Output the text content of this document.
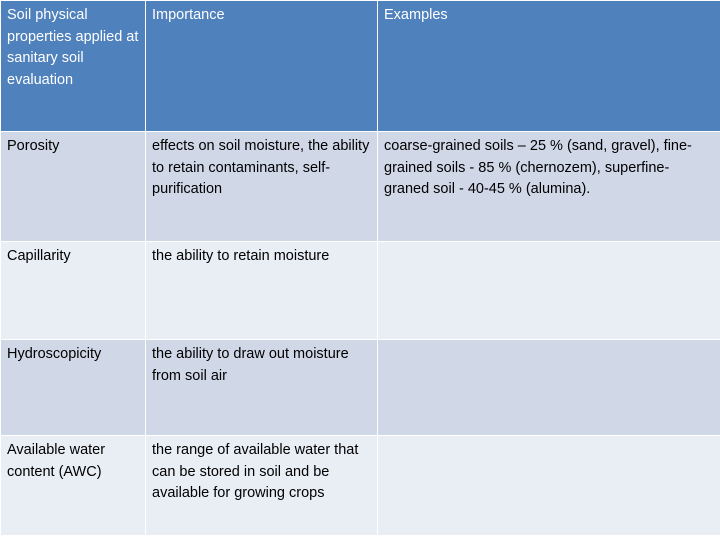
Soil physical properties applied at sanitary soil evaluation	Importance	Examples
Porosity	effects on soil moisture, the ability to retain contaminants, self-purification	coarse-grained soils – 25 % (sand, gravel), fine-grained soils - 85 % (chernozem), superfine-graned soil - 40-45 % (alumina).
Capillarity	the ability to retain moisture	
Hydroscopicity	the ability to draw out moisture from soil air	
Available water content (AWC)	the range of available water that can be stored in soil and be available for growing crops	
